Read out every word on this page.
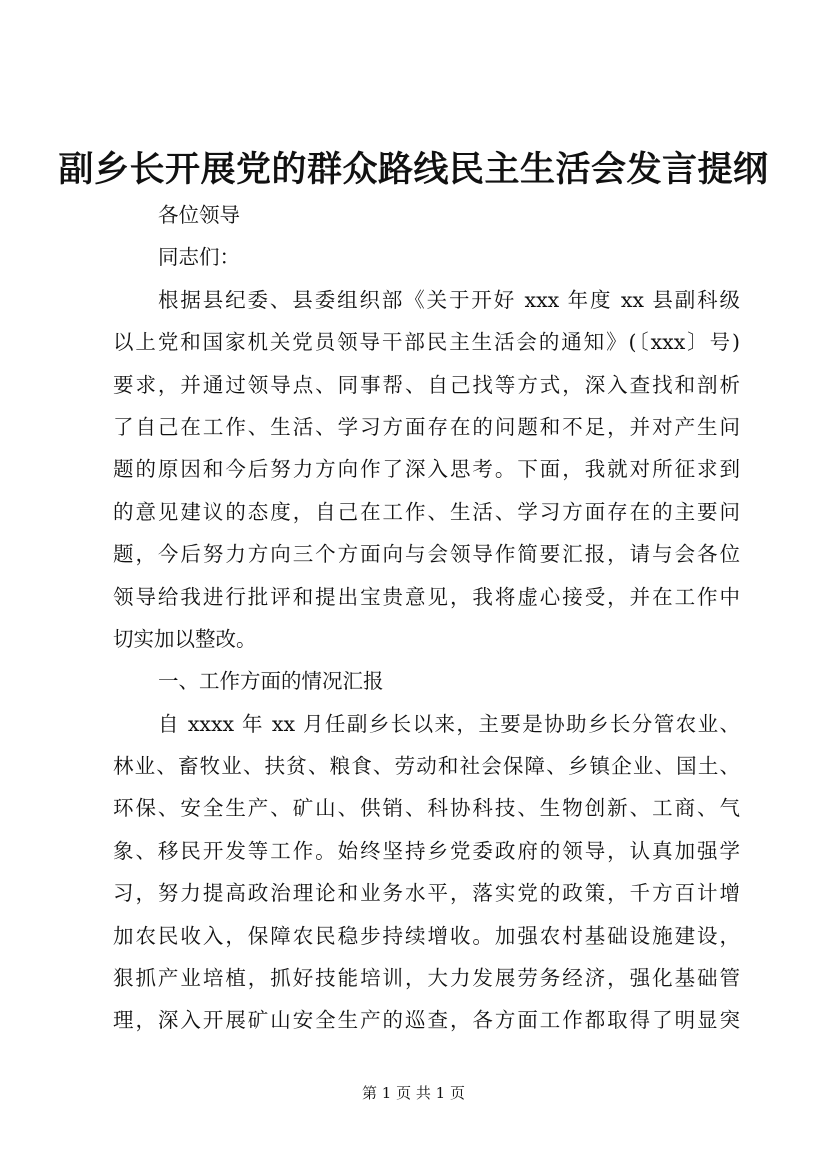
副乡长开展党的群众路线民主生活会发言提纲
各位领导
同志们：
根据县纪委、县委组织部《关于开好 xxx 年度 xx 县副科级
以上党和国家机关党员领导干部民主生活会的通知》(〔xxx〕号)
要求，并通过领导点、同事帮、自己找等方式，深入查找和剖析
了自己在工作、生活、学习方面存在的问题和不足，并对产生问
题的原因和今后努力方向作了深入思考。下面，我就对所征求到
的意见建议的态度，自己在工作、生活、学习方面存在的主要问
题，今后努力方向三个方面向与会领导作简要汇报，请与会各位
领导给我进行批评和提出宝贵意见，我将虚心接受，并在工作中
切实加以整改。
一、工作方面的情况汇报
自 xxxx 年 xx 月任副乡长以来，主要是协助乡长分管农业、
林业、畜牧业、扶贫、粮食、劳动和社会保障、乡镇企业、国土、
环保、安全生产、矿山、供销、科协科技、生物创新、工商、气
象、移民开发等工作。始终坚持乡党委政府的领导，认真加强学
习，努力提高政治理论和业务水平，落实党的政策，千方百计增
加农民收入，保障农民稳步持续增收。加强农村基础设施建设，
狠抓产业培植，抓好技能培训，大力发展劳务经济，强化基础管
理，深入开展矿山安全生产的巡查，各方面工作都取得了明显突
第 1 页 共 1 页
